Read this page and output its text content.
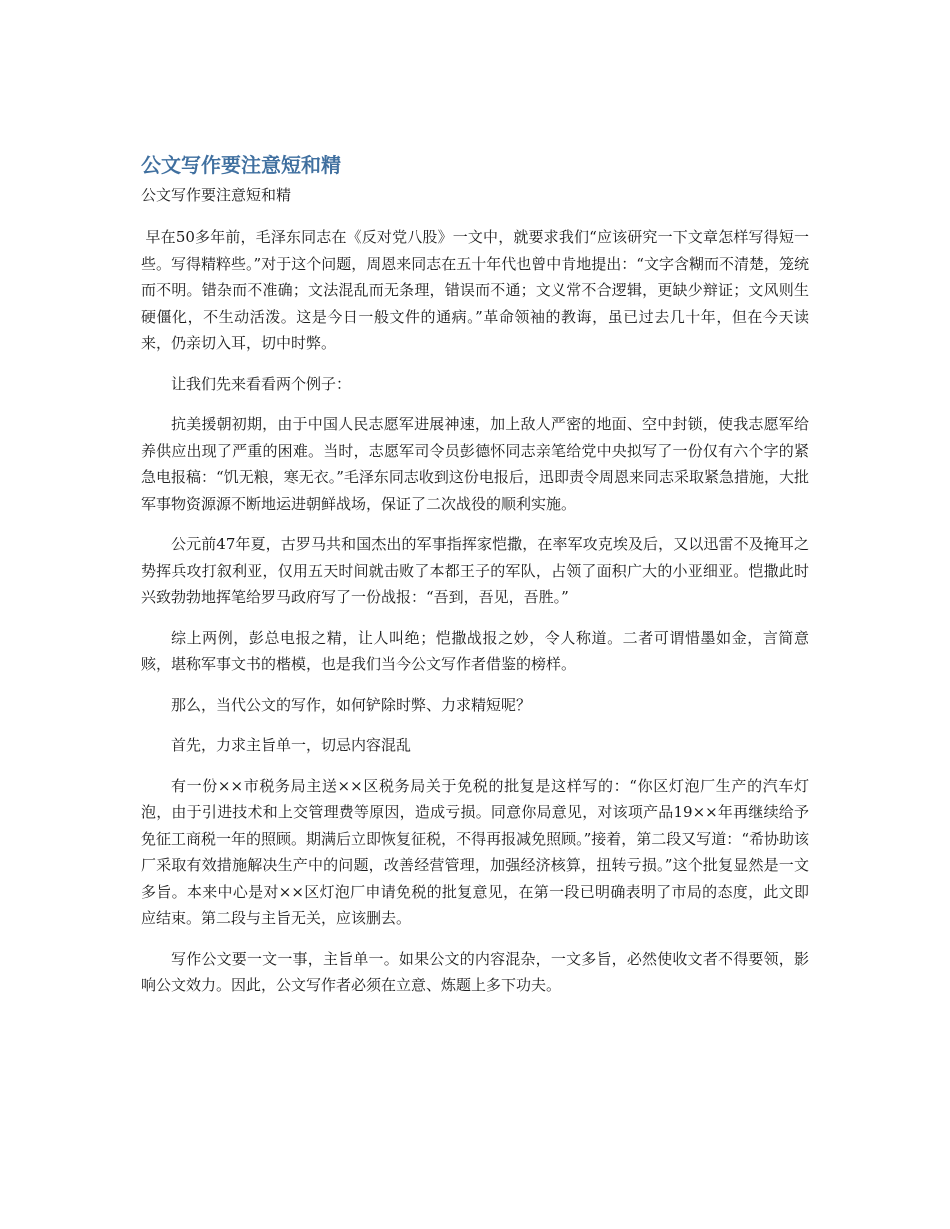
公文写作要注意短和精

公文写作要注意短和精

早在50多年前，毛泽东同志在《反对党八股》一文中，就要求我们“应该研究一下文章怎样写得短一些。写得精粹些。”对于这个问题，周恩来同志在五十年代也曾中肯地提出：“文字含糊而不清楚，笼统而不明。错杂而不准确；文法混乱而无条理，错误而不通；文义常不合逻辑，更缺少辩证；文风则生硬僵化，不生动活泼。这是今日一般文件的通病。”革命领袖的教诲，虽已过去几十年，但在今天读来，仍亲切入耳，切中时弊。

让我们先来看看两个例子：

抗美援朝初期，由于中国人民志愿军进展神速，加上敌人严密的地面、空中封锁，使我志愿军给养供应出现了严重的困难。当时，志愿军司令员彭德怀同志亲笔给党中央拟写了一份仅有六个字的紧急电报稿：“饥无粮，寒无衣。”毛泽东同志收到这份电报后，迅即责令周恩来同志采取紧急措施，大批军事物资源源不断地运进朝鲜战场，保证了二次战役的顺利实施。

公元前47年夏，古罗马共和国杰出的军事指挥家恺撒，在率军攻克埃及后，又以迅雷不及掩耳之势挥兵攻打叙利亚，仅用五天时间就击败了本都王子的军队，占领了面积广大的小亚细亚。恺撒此时兴致勃勃地挥笔给罗马政府写了一份战报：“吾到，吾见，吾胜。”

综上两例，彭总电报之精，让人叫绝；恺撒战报之妙，令人称道。二者可谓惜墨如金，言简意赅，堪称军事文书的楷模，也是我们当今公文写作者借鉴的榜样。

那么，当代公文的写作，如何铲除时弊、力求精短呢？

首先，力求主旨单一，切忌内容混乱

有一份××市税务局主送××区税务局关于免税的批复是这样写的：“你区灯泡厂生产的汽车灯泡，由于引进技术和上交管理费等原因，造成亏损。同意你局意见，对该项产品19××年再继续给予免征工商税一年的照顾。期满后立即恢复征税，不得再报减免照顾。”接着，第二段又写道：“希协助该厂采取有效措施解决生产中的问题，改善经营管理，加强经济核算，扭转亏损。”这个批复显然是一文多旨。本来中心是对××区灯泡厂申请免税的批复意见，在第一段已明确表明了市局的态度，此文即应结束。第二段与主旨无关，应该删去。

写作公文要一文一事，主旨单一。如果公文的内容混杂，一文多旨，必然使收文者不得要领，影响公文效力。因此，公文写作者必须在立意、炼题上多下功夫。
